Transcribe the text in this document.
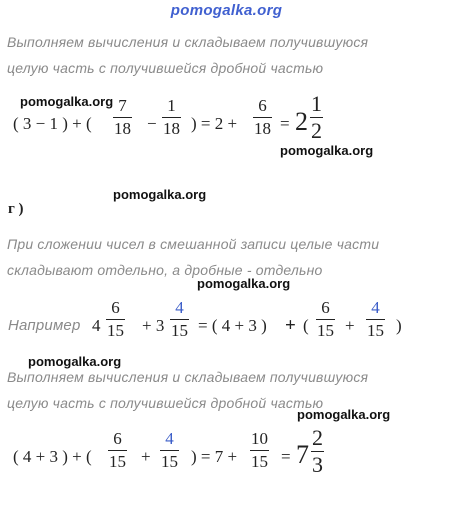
pomogalka.org
Выполняем вычисления и складываем получившуюся
целую часть с получившейся дробной частью
pomogalka.org
( 3 − 1 ) + (
7
18 −
1
18 ) = 2 +
6
18 = 2
1
2
pomogalka.org
pomogalka.org
г )
При сложении чисел в смешанной записи целые части
складывают отдельно, а дробные - отдельно
pomogalka.org
Например 4
6
15 + 3
4
15 = ( 4 + 3 ) + (
6
15 +
4
15 )
pomogalka.org
Выполняем вычисления и складываем получившуюся
целую часть с получившейся дробной частью
pomogalka.org
( 4 + 3 ) + (
6
15 +
4
15 ) = 7 +
10
15 = 7
2
3
